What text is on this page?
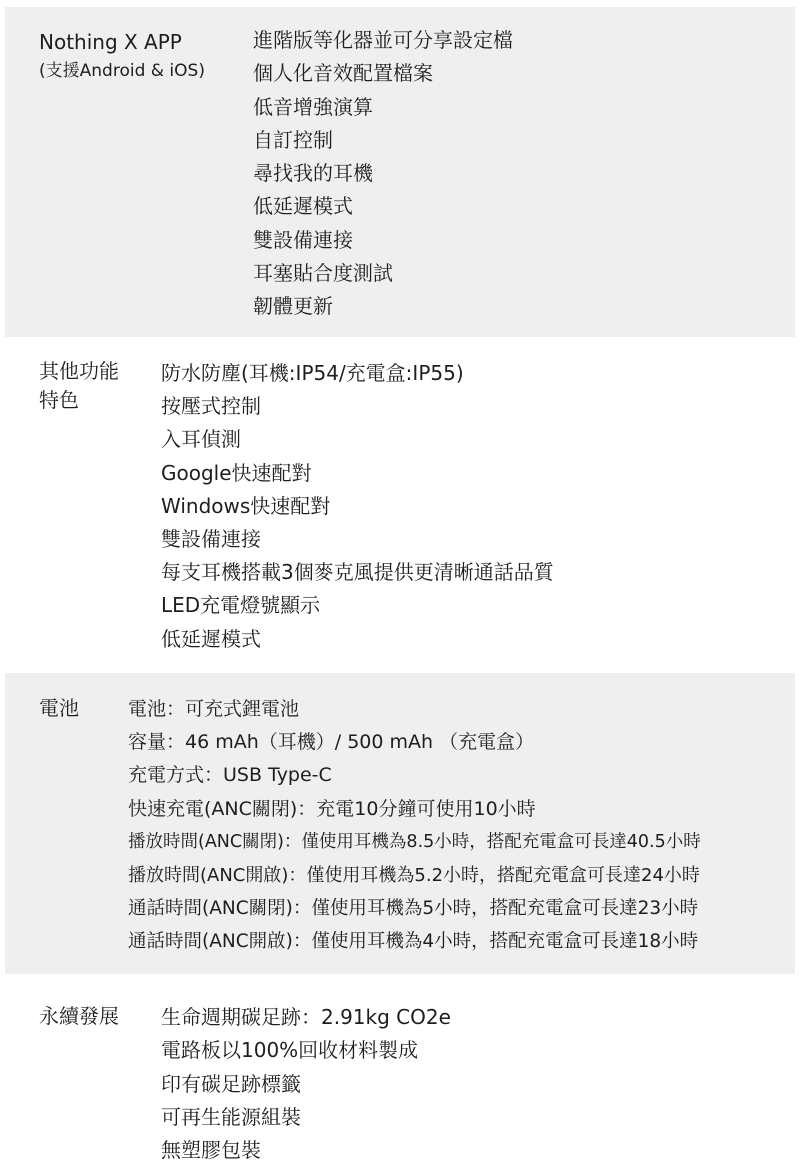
Nothing X APP
(支援Android & iOS)
進階版等化器並可分享設定檔
個人化音效配置檔案
低音增強演算
自訂控制
尋找我的耳機
低延遲模式
雙設備連接
耳塞貼合度測試
韌體更新
其他功能
特色
防水防塵(耳機:IP54/充電盒:IP55)
按壓式控制
入耳偵測
Google快速配對
Windows快速配對
雙設備連接
每支耳機搭載3個麥克風提供更清晰通話品質
LED充電燈號顯示
低延遲模式
電池	電池：可充式鋰電池
容量：46 mAh（耳機）/ 500 mAh （充電盒）
充電方式：USB Type-C
快速充電(ANC關閉)：充電10分鐘可使用10小時
播放時間(ANC關閉)：僅使用耳機為8.5小時，搭配充電盒可長達40.5小時
播放時間(ANC開啟)：僅使用耳機為5.2小時，搭配充電盒可長達24小時
通話時間(ANC關閉)：僅使用耳機為5小時，搭配充電盒可長達23小時
通話時間(ANC開啟)：僅使用耳機為4小時，搭配充電盒可長達18小時
永續發展 生命週期碳足跡：2.91kg CO2e
電路板以100%回收材料製成
印有碳足跡標籤
可再生能源組裝
無塑膠包裝
